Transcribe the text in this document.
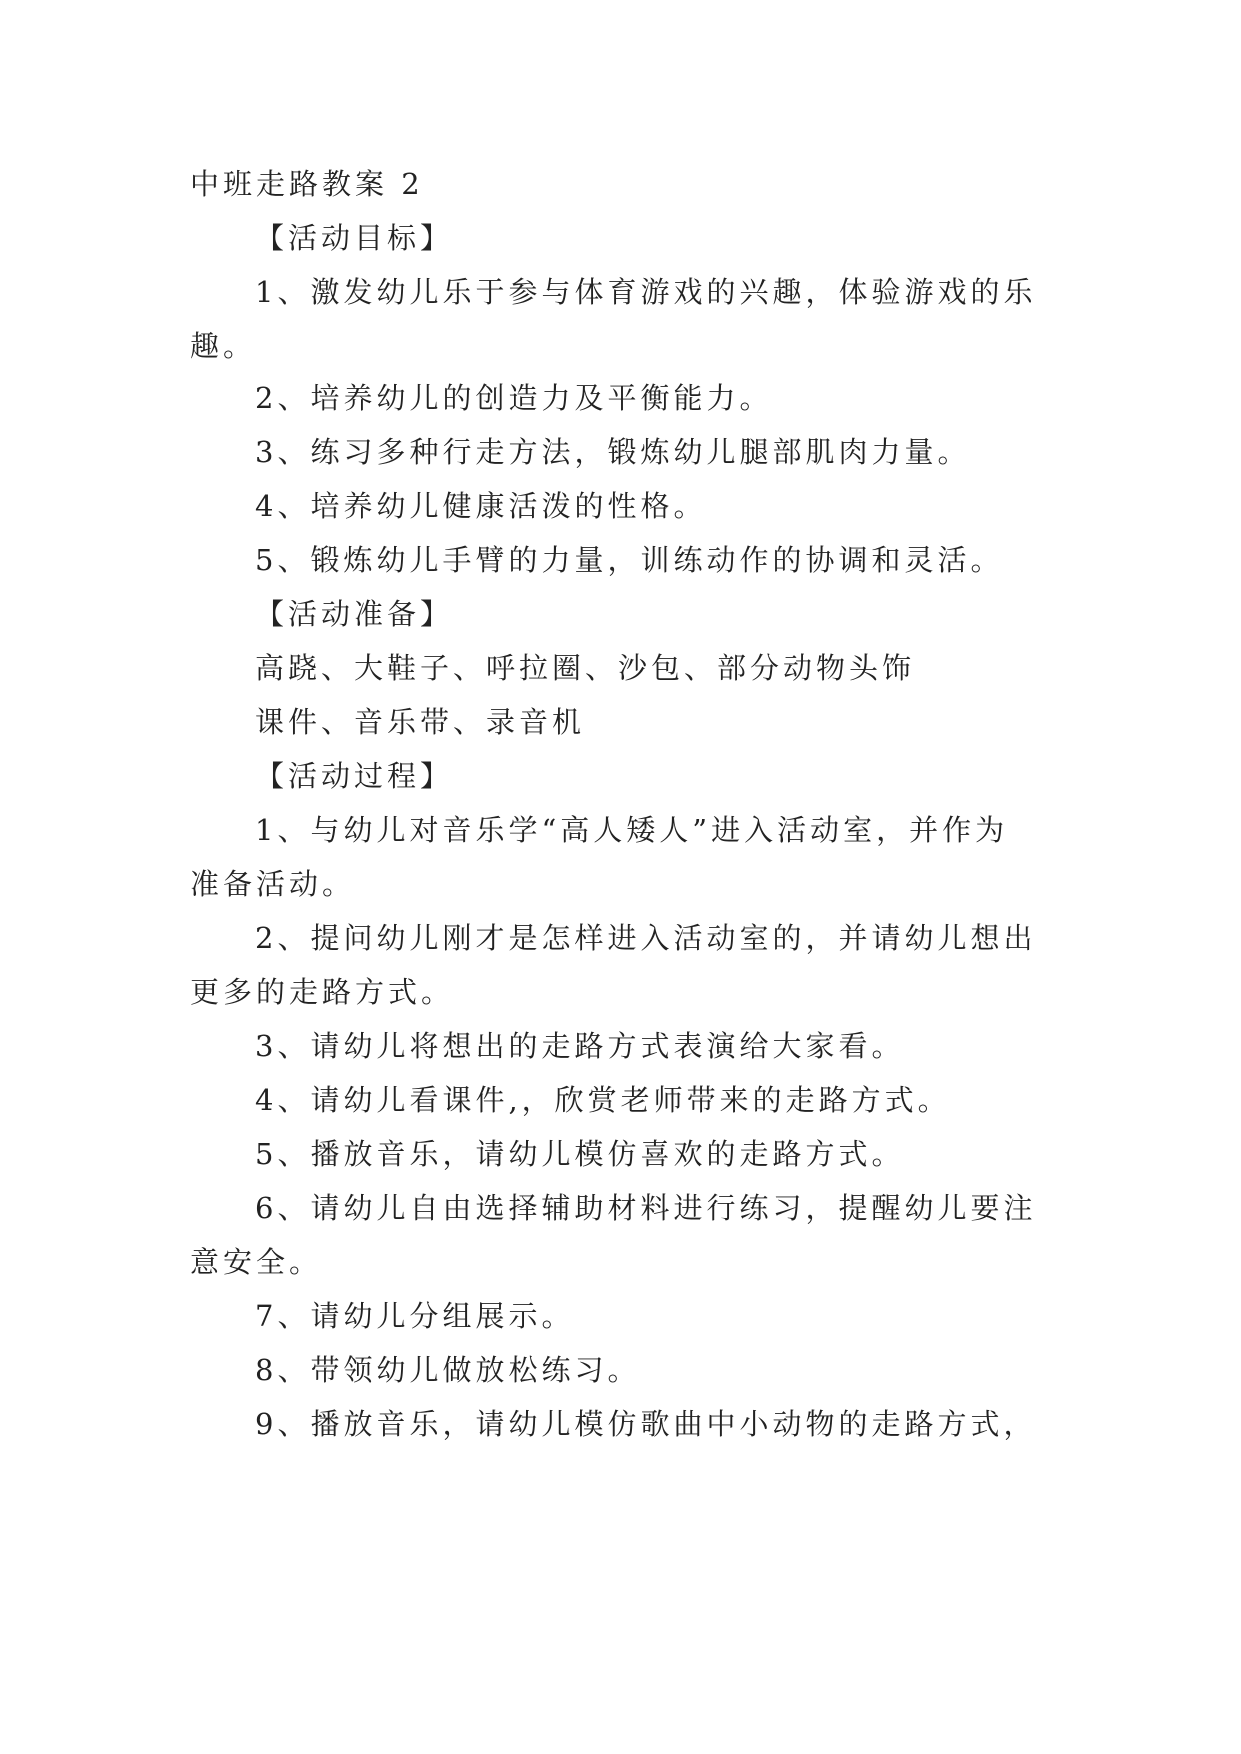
中班走路教案 2
【活动目标】
1、激发幼儿乐于参与体育游戏的兴趣，体验游戏的乐
趣。
2、培养幼儿的创造力及平衡能力。
3、练习多种行走方法，锻炼幼儿腿部肌肉力量。
4、培养幼儿健康活泼的性格。
5、锻炼幼儿手臂的力量，训练动作的协调和灵活。
【活动准备】
高跷、大鞋子、呼拉圈、沙包、部分动物头饰
课件、音乐带、录音机
【活动过程】
1、与幼儿对音乐学“高人矮人”进入活动室，并作为
准备活动。
2、提问幼儿刚才是怎样进入活动室的，并请幼儿想出
更多的走路方式。
3、请幼儿将想出的走路方式表演给大家看。
4、请幼儿看课件,，欣赏老师带来的走路方式。
5、播放音乐，请幼儿模仿喜欢的走路方式。
6、请幼儿自由选择辅助材料进行练习，提醒幼儿要注
意安全。
7、请幼儿分组展示。
8、带领幼儿做放松练习。
9、播放音乐，请幼儿模仿歌曲中小动物的走路方式，
